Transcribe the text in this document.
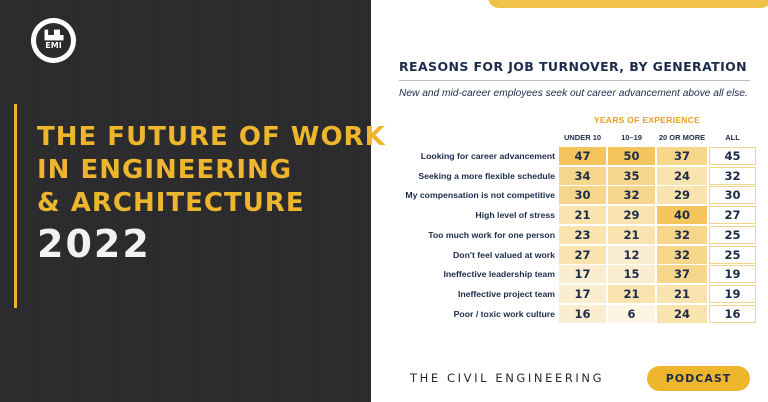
▙▟▙
EMI
THE FUTURE OF WORK
IN ENGINEERING
& ARCHITECTURE
2022
REASONS FOR JOB TURNOVER, BY GENERATION
New and mid-career employees seek out career advancement above all else.
YEARS OF EXPERIENCE
UNDER 10	10–19	20 OR MORE	ALL
Looking for career advancement	47	50	37	45
Seeking a more flexible schedule	34	35	24	32
My compensation is not competitive	30	32	29	30
High level of stress	21	29	40	27
Too much work for one person	23	21	32	25
Don't feel valued at work	27	12	32	25
Ineffective leadership team	17	15	37	19
Ineffective project team	17	21	21	19
Poor / toxic work culture	16	6	24	16
THE CIVIL ENGINEERING	PODCAST
